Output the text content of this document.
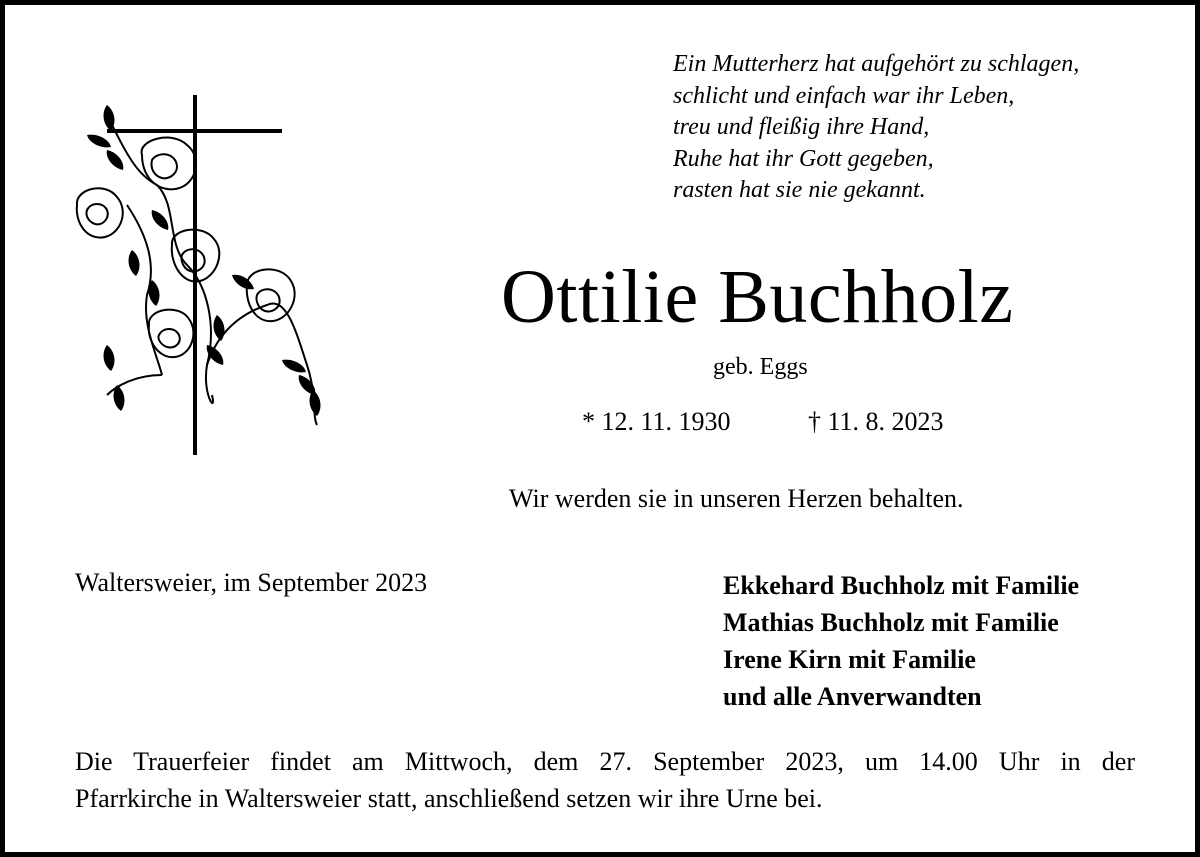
Ein Mutterherz hat aufgehört zu schlagen,
schlicht und einfach war ihr Leben,
treu und fleißig ihre Hand,
Ruhe hat ihr Gott gegeben,
rasten hat sie nie gekannt.
Ottilie Buchholz
geb. Eggs
* 12. 11. 1930	† 11. 8. 2023
Wir werden sie in unseren Herzen behalten.
Waltersweier, im September 2023	Ekkehard Buchholz mit Familie
Mathias Buchholz mit Familie
Irene Kirn mit Familie
und alle Anverwandten
Die Trauerfeier findet am Mittwoch, dem 27. September 2023, um 14.00 Uhr in der
Pfarrkirche in Waltersweier statt, anschließend setzen wir ihre Urne bei.
